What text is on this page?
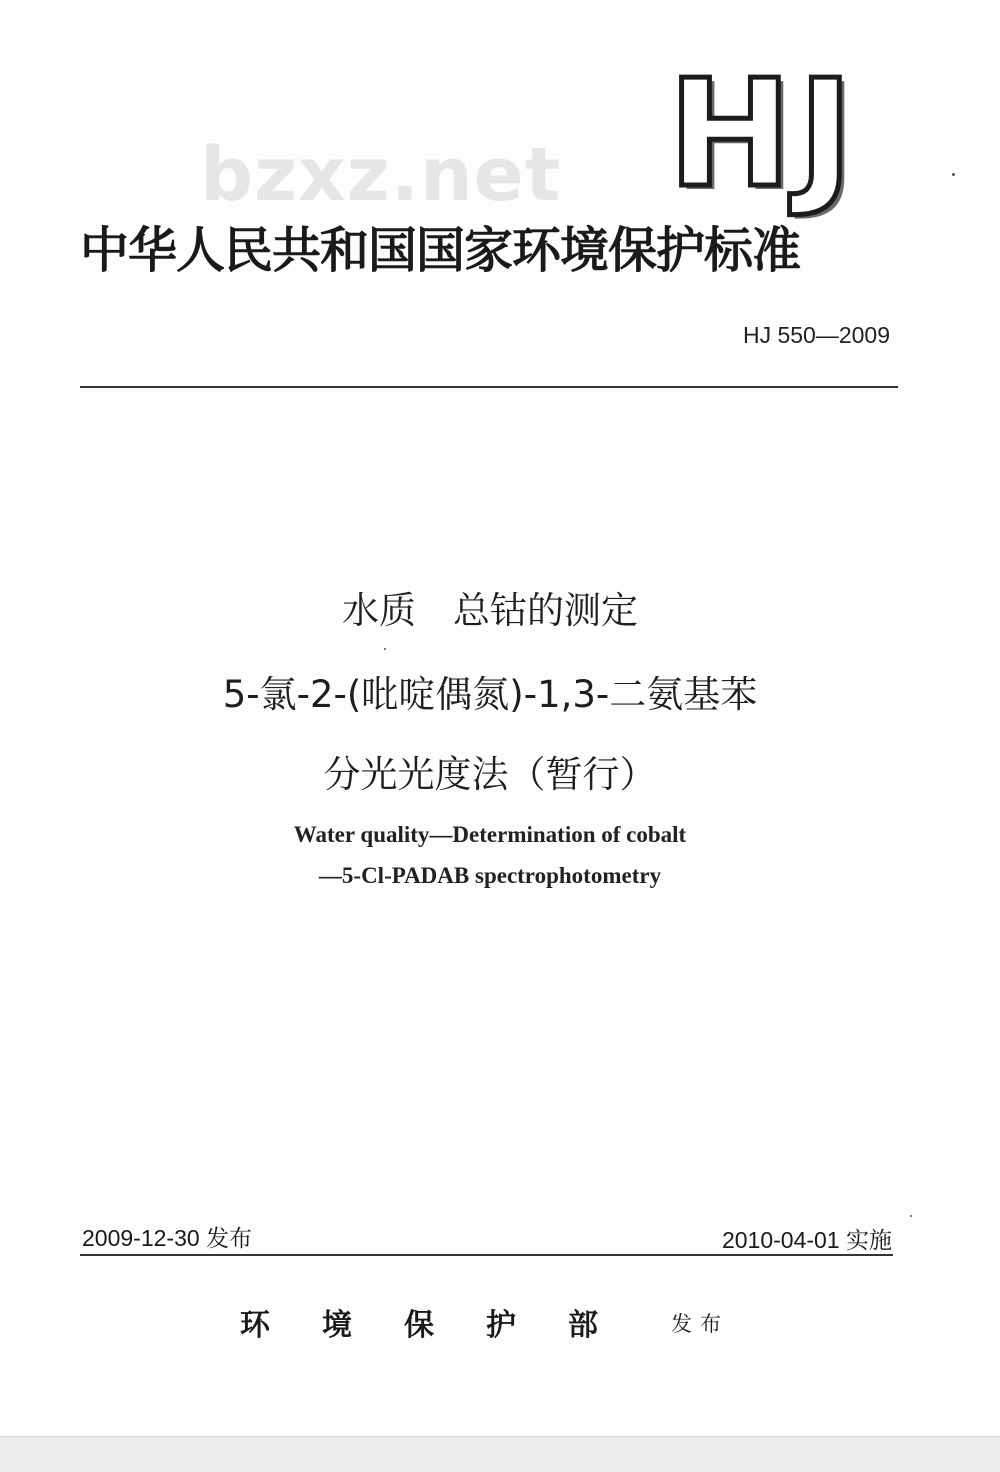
bzxz.net HJ
中华人民共和国国家环境保护标准
HJ 550—2009
水质　总钴的测定
5-氯-2-(吡啶偶氮)-1,3-二氨基苯
分光光度法（暂行）
Water quality—Determination of cobalt
—5-Cl-PADAB spectrophotometry
2009-12-30 发布	2010-04-01 实施
环境保护部 发布
